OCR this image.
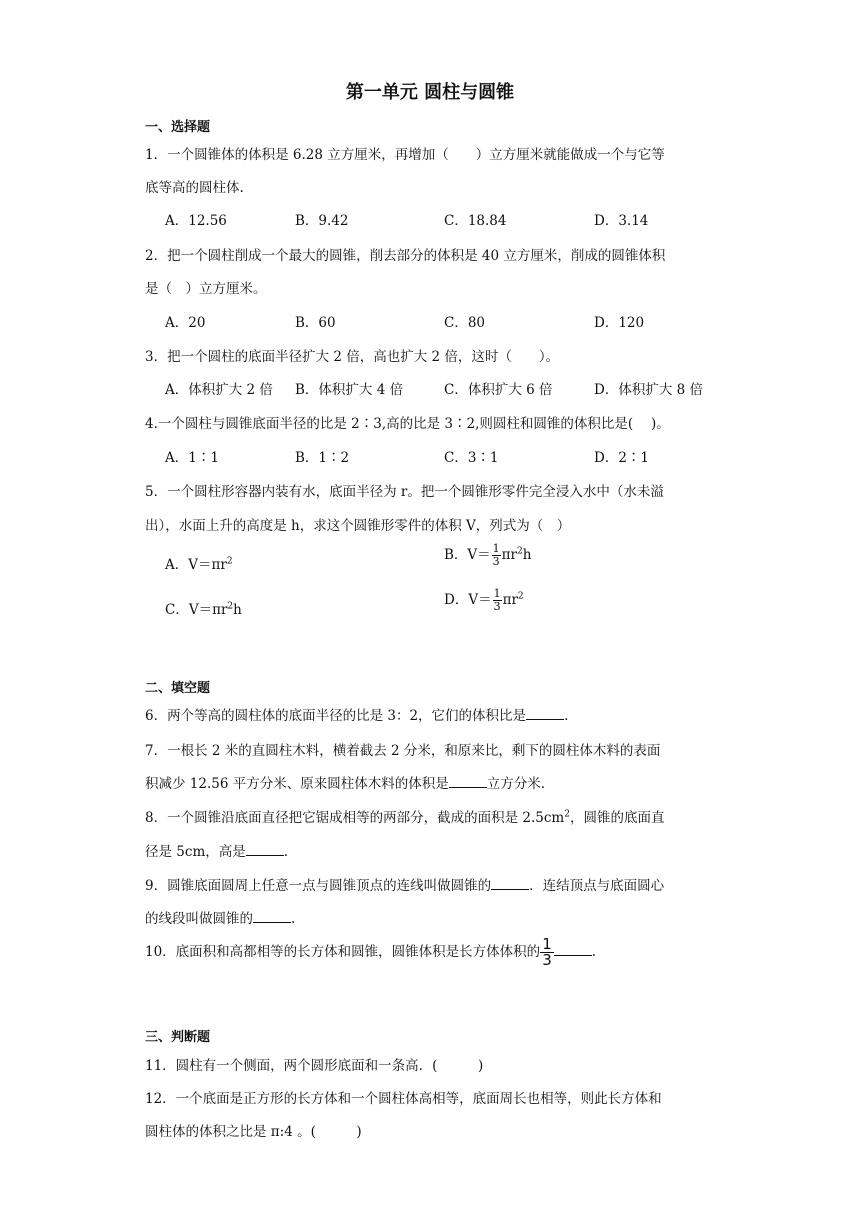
第一单元 圆柱与圆锥
一、选择题
1．一个圆锥体的体积是 6.28 立方厘米，再增加（　　）立方厘米就能做成一个与它等
底等高的圆柱体.
A．12.56	B．9.42	C．18.84	D．3.14
2．把一个圆柱削成一个最大的圆锥，削去部分的体积是 40 立方厘米，削成的圆锥体积
是（　）立方厘米。
A．20	B．60	C．80	D．120
3．把一个圆柱的底面半径扩大 2 倍，高也扩大 2 倍，这时（　　）。
A．体积扩大 2 倍 B．体积扩大 4 倍	C．体积扩大 6 倍	D．体积扩大 8 倍
4.一个圆柱与圆锥底面半径的比是 2∶3,高的比是 3∶2,则圆柱和圆锥的体积比是(　 )。
A．1∶1	B．1∶2	C．3∶1	D．2∶1
5．一个圆柱形容器内装有水，底面半径为 r。把一个圆锥形零件完全浸入水中（水未溢
出），水面上升的高度是 h，求这个圆锥形零件的体积 V，列式为（　）
A．$V=\pi r^2$	B．$V= \frac{1}{3} \pi r^2h$
C．$V=\pi r^2h$
D．$V= \frac{1}{3} \pi r^2$
二、填空题
6．两个等高的圆柱体的底面半径的比是 3：2，它们的体积比是	.
7．一根长 2 米的直圆柱木料，横着截去 2 分米，和原来比，剩下的圆柱体木料的表面
积减少 12.56 平方分米、原来圆柱体木料的体积是	立方分米.
8．一个圆锥沿底面直径把它锯成相等的两部分，截成的面积是 $2.5cm^2$，圆锥的底面直
径是 5cm，高是	.
9．圆锥底面圆周上任意一点与圆锥顶点的连线叫做圆锥的	．连结顶点与底面圆心
的线段叫做圆锥的	.
10．底面积和高都相等的长方体和圆锥，圆锥体积是长方体体积的 $\frac{1}{3}$	.
三、判断题
11．圆柱有一个侧面，两个圆形底面和一条高．(　　　)
12．一个底面是正方形的长方体和一个圆柱体高相等，底面周长也相等，则此长方体和
圆柱体的体积之比是 π:4 。(　　　)
